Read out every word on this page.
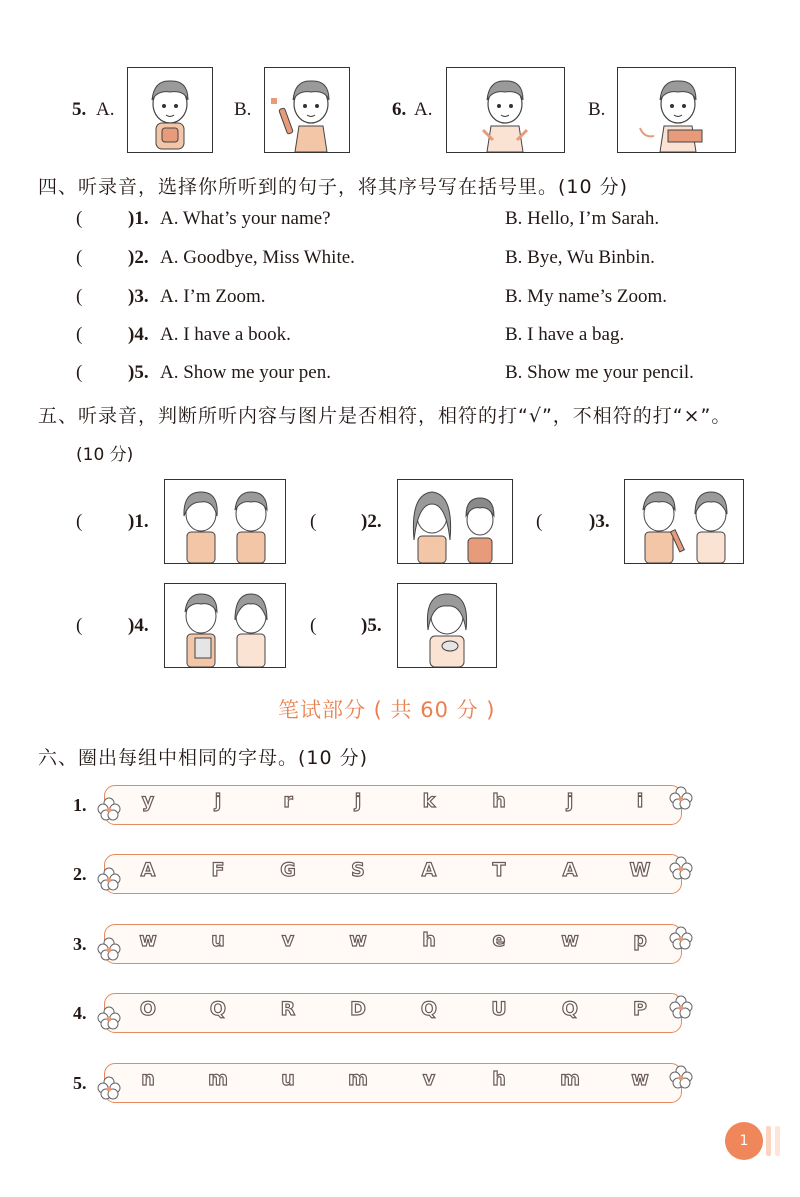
5. A.	B.	6. A.	B.
四、听录音，选择你所听到的句子，将其序号写在括号里。(10 分)
( )1. A. What’s your name?	B. Hello, I’m Sarah.
( )2. A. Goodbye, Miss White.	B. Bye, Wu Binbin.
( )3. A. I’m Zoom.	B. My name’s Zoom.
( )4. A. I have a book.	B. I have a bag.
( )5. A. Show me your pen.	B. Show me your pencil.
五、听录音，判断所听内容与图片是否相符，相符的打“√”，不相符的打“×”。
(10 分)
( )1.	( )2.	( )3.
( )4.	( )5.
笔试部分 ( 共 60 分 )
六、圈出每组中相同的字母。(10 分)
1.	y	j	r	j	k	h	j	i
2.	A	F	G	S	A	T	A	W
3.	w	u	v	w	h	e	w	p
4.	O	Q	R	D	Q	U	Q	P
5.	n	m	u	m	v	h	m	w
1
